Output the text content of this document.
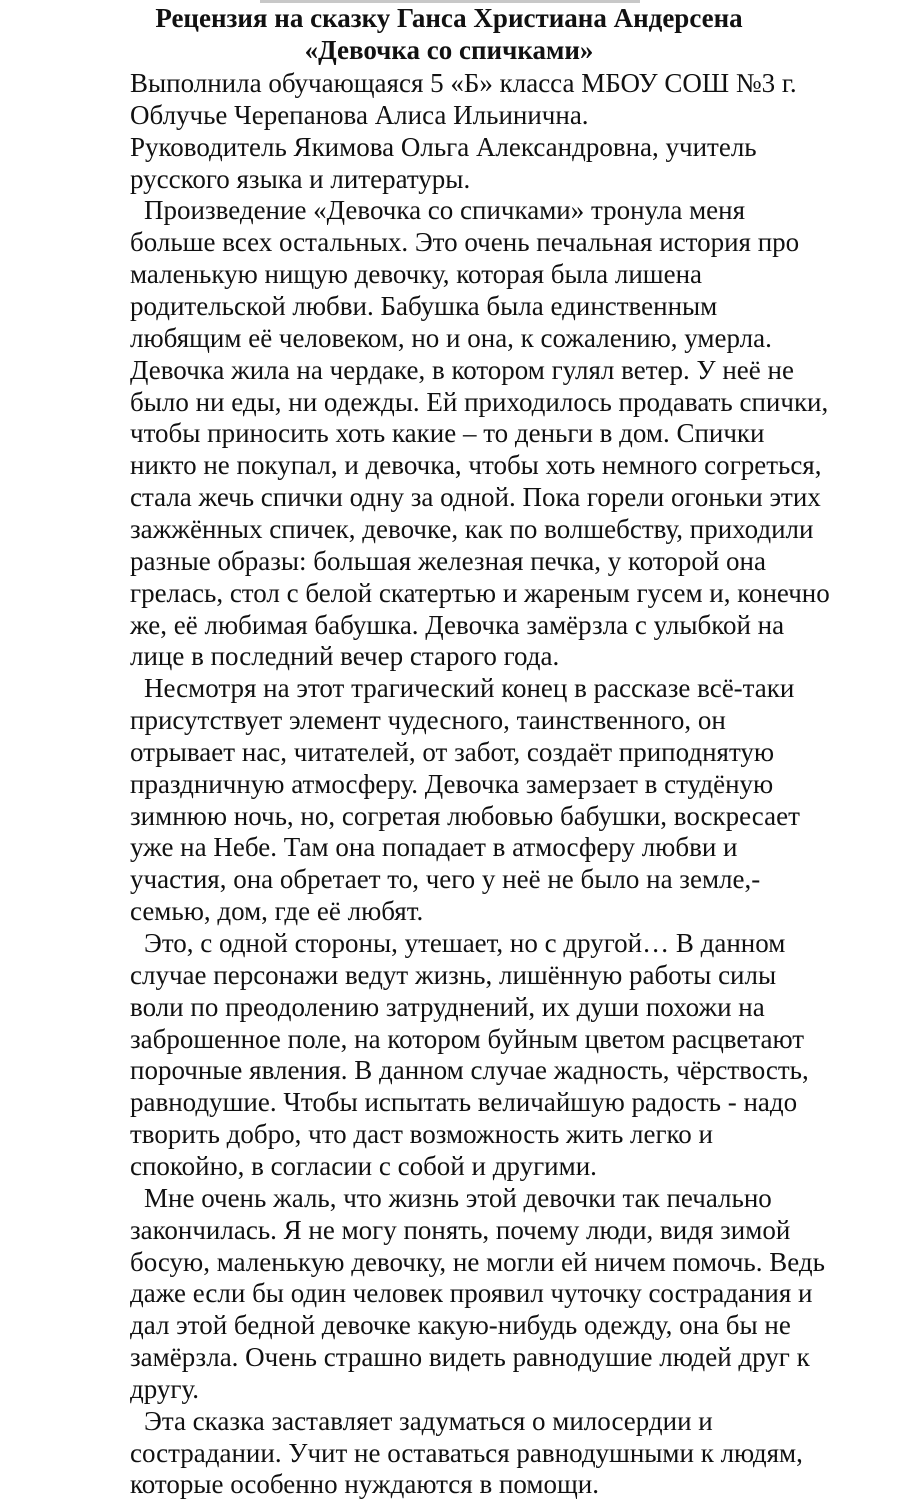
Рецензия на сказку Ганса Христиана Андерсена
«Девочка со спичками»
Выполнила обучающаяся 5 «Б» класса МБОУ СОШ №3 г.
Облучье Черепанова Алиса Ильинична.
Руководитель Якимова Ольга Александровна, учитель
русского языка и литературы.
Произведение «Девочка со спичками» тронула меня
больше всех остальных. Это очень печальная история про
маленькую нищую девочку, которая была лишена
родительской любви. Бабушка была единственным
любящим её человеком, но и она, к сожалению, умерла.
Девочка жила на чердаке, в котором гулял ветер. У неё не
было ни еды, ни одежды. Ей приходилось продавать спички,
чтобы приносить хоть какие – то деньги в дом. Спички
никто не покупал, и девочка, чтобы хоть немного согреться,
стала жечь спички одну за одной. Пока горели огоньки этих
зажжённых спичек, девочке, как по волшебству, приходили
разные образы: большая железная печка, у которой она
грелась, стол с белой скатертью и жареным гусем и, конечно
же, её любимая бабушка. Девочка замёрзла с улыбкой на
лице в последний вечер старого года.
Несмотря на этот трагический конец в рассказе всё-таки
присутствует элемент чудесного, таинственного, он
отрывает нас, читателей, от забот, создаёт приподнятую
праздничную атмосферу. Девочка замерзает в студёную
зимнюю ночь, но, согретая любовью бабушки, воскресает
уже на Небе. Там она попадает в атмосферу любви и
участия, она обретает то, чего у неё не было на земле,-
семью, дом, где её любят.
Это, с одной стороны, утешает, но с другой… В данном
случае персонажи ведут жизнь, лишённую работы силы
воли по преодолению затруднений, их души похожи на
заброшенное поле, на котором буйным цветом расцветают
порочные явления. В данном случае жадность, чёрствость,
равнодушие. Чтобы испытать величайшую радость - надо
творить добро, что даст возможность жить легко и
спокойно, в согласии с собой и другими.
Мне очень жаль, что жизнь этой девочки так печально
закончилась. Я не могу понять, почему люди, видя зимой
босую, маленькую девочку, не могли ей ничем помочь. Ведь
даже если бы один человек проявил чуточку сострадания и
дал этой бедной девочке какую-нибудь одежду, она бы не
замёрзла. Очень страшно видеть равнодушие людей друг к
другу.
Эта сказка заставляет задуматься о милосердии и
сострадании. Учит не оставаться равнодушными к людям,
которые особенно нуждаются в помощи.
